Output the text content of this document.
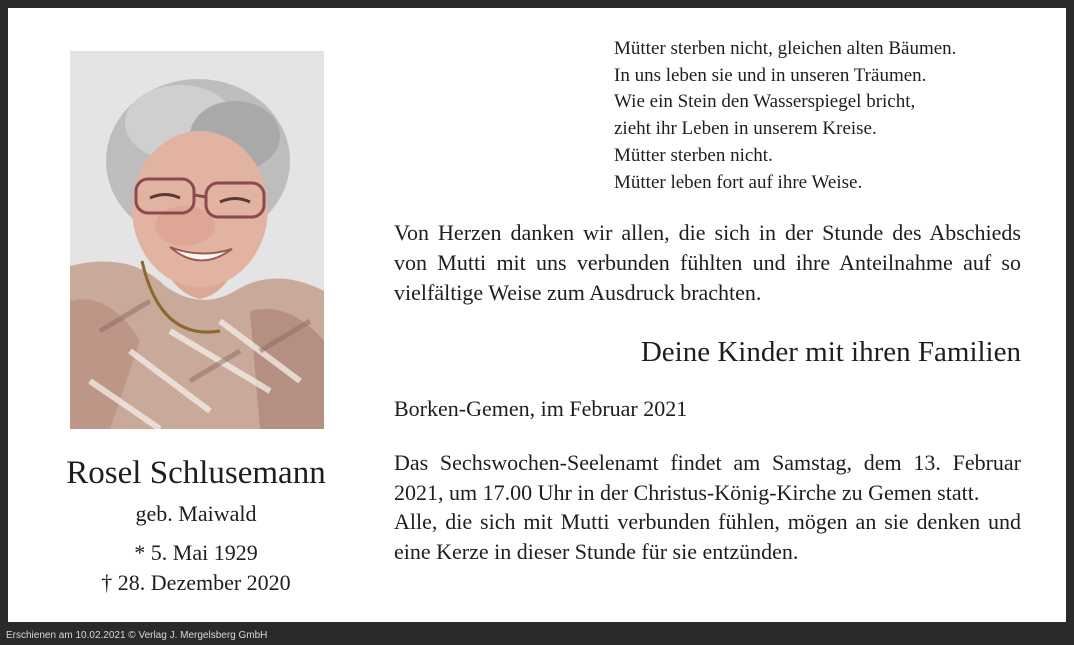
Rosel Schlusemann
geb. Maiwald
* 5. Mai 1929
† 28. Dezember 2020
Mütter sterben nicht, gleichen alten Bäumen.
In uns leben sie und in unseren Träumen.
Wie ein Stein den Wasserspiegel bricht,
zieht ihr Leben in unserem Kreise.
Mütter sterben nicht.
Mütter leben fort auf ihre Weise.
Von Herzen danken wir allen, die sich in der Stunde des Abschieds von Mutti mit uns verbunden fühlten und ihre Anteilnahme auf so vielfältige Weise zum Ausdruck brachten.
Deine Kinder mit ihren Familien
Borken-Gemen, im Februar 2021

Das Sechswochen-Seelenamt findet am Samstag, dem 13. Februar 2021, um 17.00 Uhr in der Christus-König-Kirche zu Gemen statt.

Alle, die sich mit Mutti verbunden fühlen, mögen an sie denken und eine Kerze in dieser Stunde für sie entzünden.

Erschienen am 10.02.2021 © Verlag J. Mergelsberg GmbH
